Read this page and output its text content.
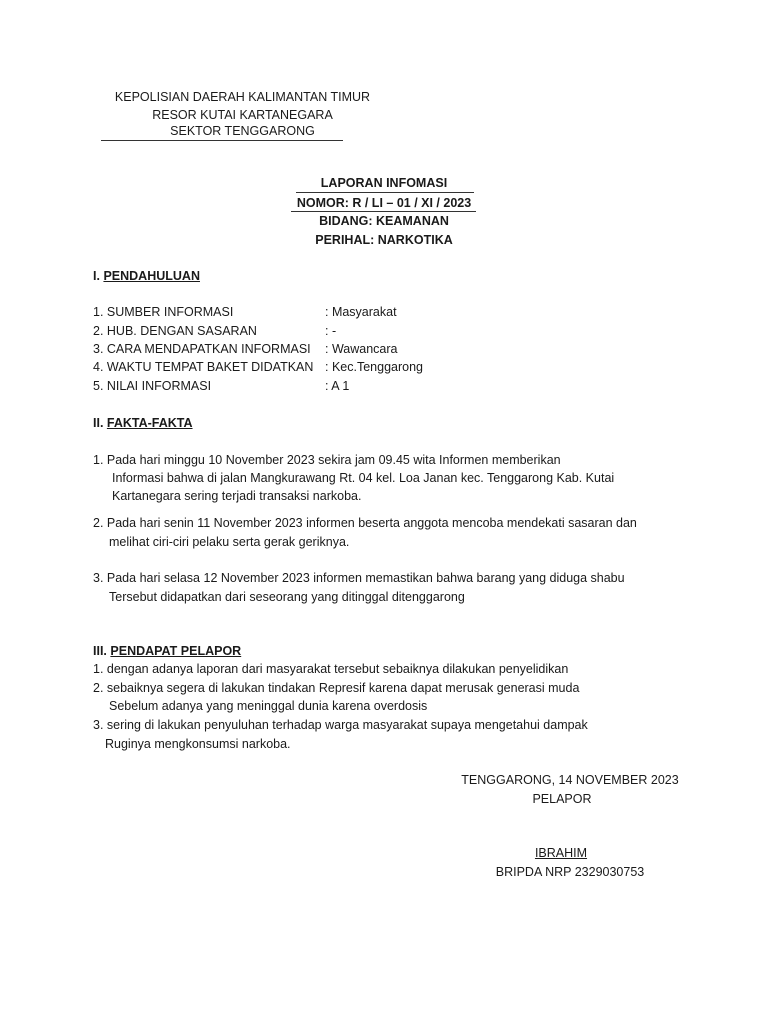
KEPOLISIAN DAERAH KALIMANTAN TIMUR
RESOR KUTAI KARTANEGARA
SEKTOR TENGGARONG
LAPORAN INFOMASI
NOMOR: R / LI – 01 / XI / 2023
BIDANG: KEAMANAN
PERIHAL: NARKOTIKA
I. PENDAHULUAN
1. SUMBER INFORMASI	: Masyarakat
2. HUB. DENGAN SASARAN	: -
3. CARA MENDAPATKAN INFORMASI : Wawancara
4. WAKTU TEMPAT BAKET DIDATKAN : Kec.Tenggarong
5. NILAI INFORMASI	: A 1
II. FAKTA-FAKTA
1. Pada hari minggu 10 November 2023 sekira jam 09.45 wita Informen memberikan
Informasi bahwa di jalan Mangkurawang Rt. 04 kel. Loa Janan kec. Tenggarong Kab. Kutai
Kartanegara sering terjadi transaksi narkoba.
2. Pada hari senin 11 November 2023 informen beserta anggota mencoba mendekati sasaran dan
melihat ciri-ciri pelaku serta gerak geriknya.
3. Pada hari selasa 12 November 2023 informen memastikan bahwa barang yang diduga shabu
Tersebut didapatkan dari seseorang yang ditinggal ditenggarong
III. PENDAPAT PELAPOR
1. dengan adanya laporan dari masyarakat tersebut sebaiknya dilakukan penyelidikan
2. sebaiknya segera di lakukan tindakan Represif karena dapat merusak generasi muda
Sebelum adanya yang meninggal dunia karena overdosis
3. sering di lakukan penyuluhan terhadap warga masyarakat supaya mengetahui dampak
Ruginya mengkonsumsi narkoba.
TENGGARONG, 14 NOVEMBER 2023
PELAPOR
IBRAHIM
BRIPDA NRP 2329030753
